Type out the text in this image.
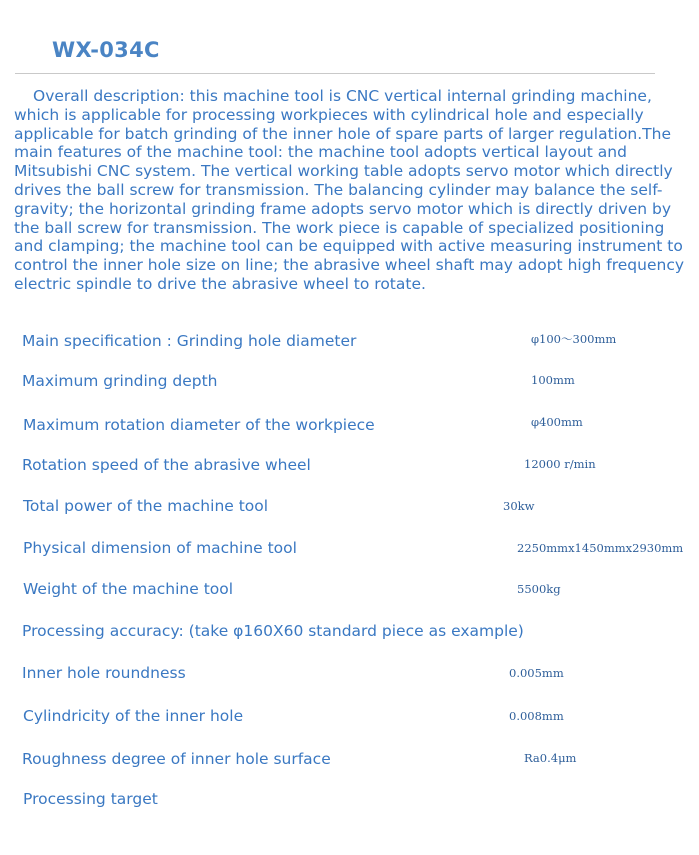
WX-034C

Overall description: this machine tool is CNC vertical internal grinding machine, which is applicable for processing workpieces with cylindrical hole and especially applicable for batch grinding of the inner hole of spare parts of larger regulation.The main features of the machine tool: the machine tool adopts vertical layout and Mitsubishi CNC system. The vertical working table adopts servo motor which directly drives the ball screw for transmission. The balancing cylinder may balance the self-gravity; the horizontal grinding frame adopts servo motor which is directly driven by the ball screw for transmission. The work piece is capable of specialized positioning and clamping; the machine tool can be equipped with active measuring instrument to control the inner hole size on line; the abrasive wheel shaft may adopt high frequency electric spindle to drive the abrasive wheel to rotate.

Main specification : Grinding hole diameter	φ100～300mm
Maximum grinding depth	100mm
Maximum rotation diameter of the workpiece	φ400mm
Rotation speed of the abrasive wheel	12000 r/min
Total power of the machine tool	30kw
Physical dimension of machine tool	2250mmx1450mmx2930mm
Weight of the machine tool	5500kg
Processing accuracy: (take φ160X60 standard piece as example)
Inner hole roundness	0.005mm
Cylindricity of the inner hole	0.008mm
Roughness degree of inner hole surface	Ra0.4μm
Processing target
